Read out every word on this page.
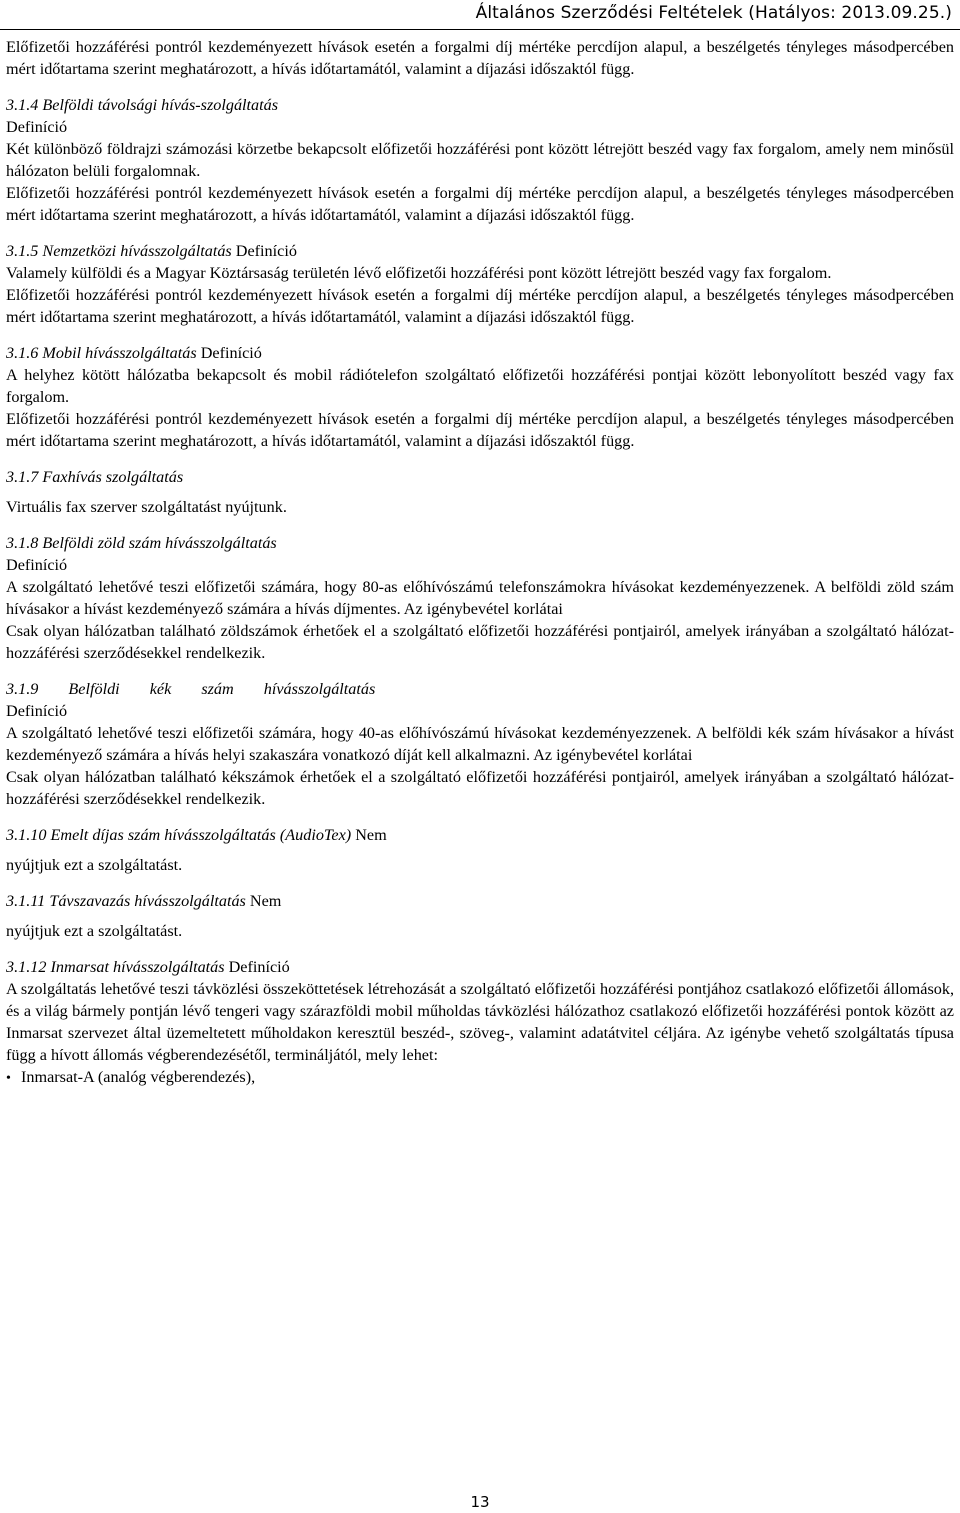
Általános Szerződési Feltételek (Hatályos: 2013.09.25.)

Előfizetői hozzáférési pontról kezdeményezett hívások esetén a forgalmi díj mértéke percdíjon alapul, a beszélgetés tényleges másodpercében mért időtartama szerint meghatározott, a hívás időtartamától, valamint a díjazási időszaktól függ.

3.1.4 Belföldi távolsági hívás-szolgáltatás

Definíció

Két különböző földrajzi számozási körzetbe bekapcsolt előfizetői hozzáférési pont között létrejött beszéd vagy fax forgalom, amely nem minősül hálózaton belüli forgalomnak.

Előfizetői hozzáférési pontról kezdeményezett hívások esetén a forgalmi díj mértéke percdíjon alapul, a beszélgetés tényleges másodpercében mért időtartama szerint meghatározott, a hívás időtartamától, valamint a díjazási időszaktól függ.

3.1.5 Nemzetközi hívásszolgáltatás Definíció

Valamely külföldi és a Magyar Köztársaság területén lévő előfizetői hozzáférési pont között létrejött beszéd vagy fax forgalom.

Előfizetői hozzáférési pontról kezdeményezett hívások esetén a forgalmi díj mértéke percdíjon alapul, a beszélgetés tényleges másodpercében mért időtartama szerint meghatározott, a hívás időtartamától, valamint a díjazási időszaktól függ.

3.1.6 Mobil hívásszolgáltatás Definíció

A helyhez kötött hálózatba bekapcsolt és mobil rádiótelefon szolgáltató előfizetői hozzáférési pontjai között lebonyolított beszéd vagy fax forgalom.

Előfizetői hozzáférési pontról kezdeményezett hívások esetén a forgalmi díj mértéke percdíjon alapul, a beszélgetés tényleges másodpercében mért időtartama szerint meghatározott, a hívás időtartamától, valamint a díjazási időszaktól függ.

3.1.7 Faxhívás szolgáltatás

Virtuális fax szerver szolgáltatást nyújtunk.

3.1.8 Belföldi zöld szám hívásszolgáltatás

Definíció

A szolgáltató lehetővé teszi előfizetői számára, hogy 80-as előhívószámú telefonszámokra hívásokat kezdeményezzenek. A belföldi zöld szám hívásakor a hívást kezdeményező számára a hívás díjmentes. Az igénybevétel korlátai

Csak olyan hálózatban található zöldszámok érhetőek el a szolgáltató előfizetői hozzáférési pontjairól, amelyek irányában a szolgáltató hálózat-hozzáférési szerződésekkel rendelkezik.

3.1.9 Belföldi kék szám hívásszolgáltatás

Definíció

A szolgáltató lehetővé teszi előfizetői számára, hogy 40-as előhívószámú hívásokat kezdeményezzenek. A belföldi kék szám hívásakor a hívást kezdeményező számára a hívás helyi szakaszára vonatkozó díját kell alkalmazni. Az igénybevétel korlátai

Csak olyan hálózatban található kékszámok érhetőek el a szolgáltató előfizetői hozzáférési pontjairól, amelyek irányában a szolgáltató hálózat-hozzáférési szerződésekkel rendelkezik.

3.1.10 Emelt díjas szám hívásszolgáltatás (AudioTex) Nem

nyújtjuk ezt a szolgáltatást.

3.1.11 Távszavazás hívásszolgáltatás Nem

nyújtjuk ezt a szolgáltatást.

3.1.12 Inmarsat hívásszolgáltatás Definíció

A szolgáltatás lehetővé teszi távközlési összeköttetések létrehozását a szolgáltató előfizetői hozzáférési pontjához csatlakozó előfizetői állomások, és a világ bármely pontján lévő tengeri vagy szárazföldi mobil műholdas távközlési hálózathoz csatlakozó előfizetői hozzáférési pontok között az Inmarsat szervezet által üzemeltetett műholdakon keresztül beszéd-, szöveg-, valamint adatátvitel céljára. Az igénybe vehető szolgáltatás típusa függ a hívott állomás végberendezésétől, termináljától, mely lehet:

• Inmarsat-A (analóg végberendezés),

13
